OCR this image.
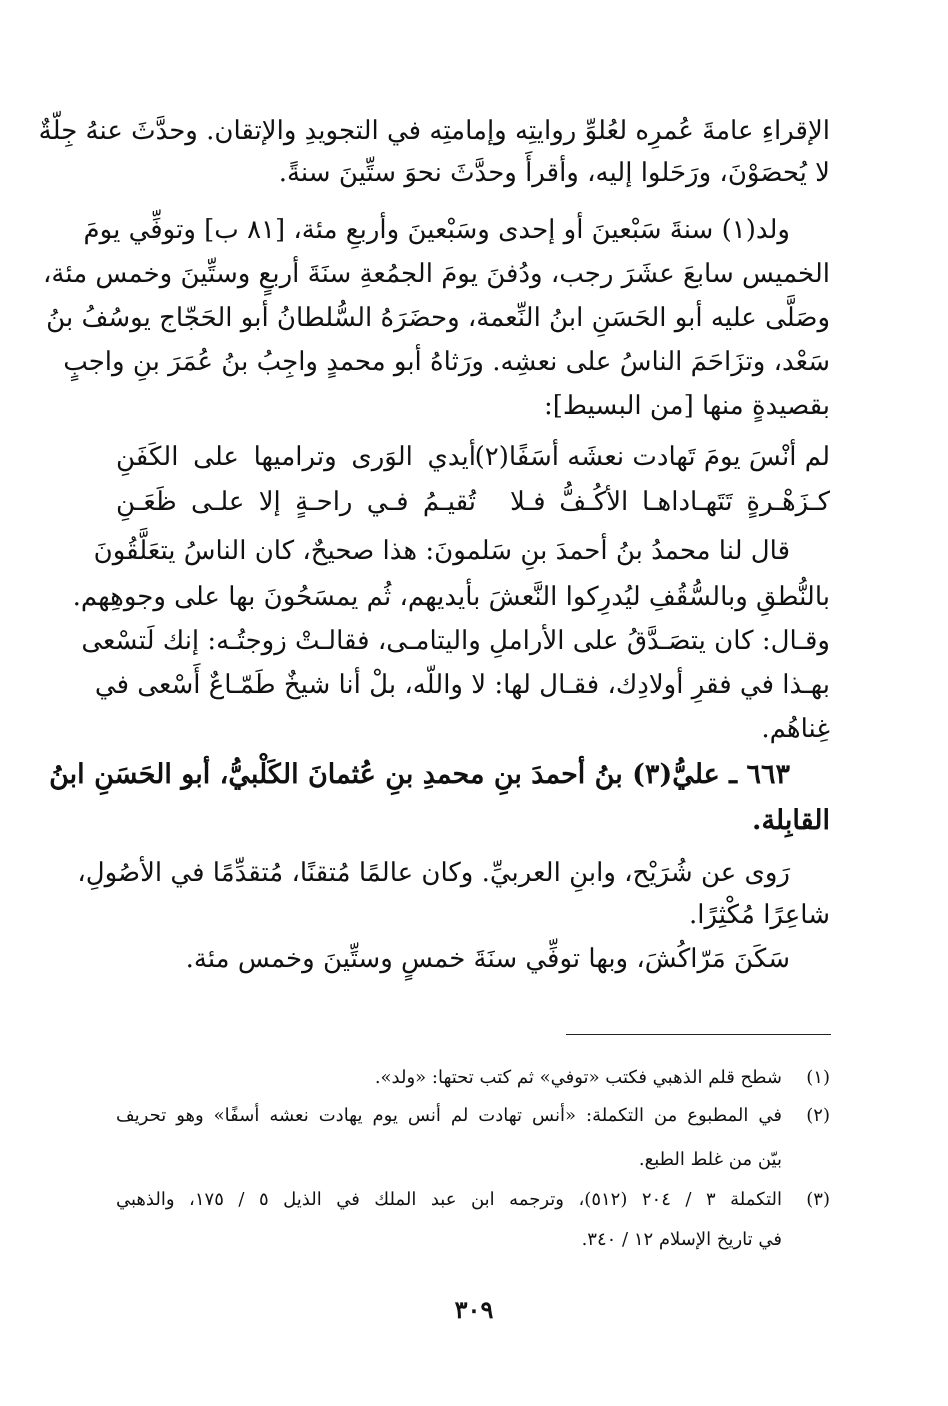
الإقراءِ عامةَ عُمرِه لعُلوِّ روايتِه وإمامتِه في التجويدِ والإتقان. وحدَّثَ عنهُ جِلّةٌ
لا يُحصَوْنَ، ورَحَلوا إليه، وأقرأَ وحدَّثَ نحوَ ستِّينَ سنةً.
ولد(١) سنةَ سَبْعينَ أو إحدى وسَبْعينَ وأربعِ مئة، [٨١ ب] وتوفِّي يومَ
الخميس سابعَ عشَرَ رجب، ودُفنَ يومَ الجمُعةِ سنَةَ أربعٍ وستِّينَ وخمس مئة،
وصَلَّى عليه أبو الحَسَنِ ابنُ النِّعمة، وحضَرَهُ السُّلطانُ أبو الحَجّاج يوسُفُ بنُ
سَعْد، وتزَاحَمَ الناسُ على نعشِه. ورَثاهُ أبو محمدٍ واجِبُ بنُ عُمَرَ بنِ واجبٍ
بقصيدةٍ منها [من البسيط]:
لم أنْسَ يومَ تَهادت نعشَه أسَفًا(٢)
أيدي الوَرى وتراميها على الكَفَنِ
كـزَهْـرةٍ تَتَهـاداهـا الأكُـفُّ فـلا
تُقيـمُ فـي راحـةٍ إلا علـى ظَعَـنِ
قال لنا محمدُ بنُ أحمدَ بنِ سَلمونَ: هذا صحيحٌ، كان الناسُ يتعَلَّقُونَ
بالنُّطقِ وبالسُّقُفِ ليُدرِكوا النَّعشَ بأيديهم، ثُم يمسَحُونَ بها على وجوهِهم.
وقـال: كان يتصَـدَّقُ على الأراملِ واليتامـى، فقالـتْ زوجتُـه: إنك لَتسْعى
بهـذا في فقرِ أولادِك، فقـال لها: لا واللّه، بلْ أنا شيخٌ طَمّـاعٌ أَسْعى في
غِناهُم.
٦٦٣ ـ عليُّ(٣) بنُ أحمدَ بنِ محمدِ بنِ عُثمانَ الكَلْبيُّ، أبو الحَسَنِ ابنُ
القابِلة.
رَوى عن شُرَيْح، وابنِ العربيِّ. وكان عالمًا مُتقنًا، مُتقدِّمًا في الأصُولِ،
شاعِرًا مُكْثِرًا.
سَكَنَ مَرّاكُشَ، وبها توفِّي سنَةَ خمسٍ وستِّينَ وخمس مئة.
(١)
شطح قلم الذهبي فكتب «توفي» ثم كتب تحتها: «ولد».
(٢)
في المطبوع من التكملة: «أنس تهادت لم أنس يوم يهادت نعشه أسفًا» وهو تحريف
بيّن من غلط الطبع.
(٣)
التكملة ٣ / ٢٠٤ (٥١٢)، وترجمه ابن عبد الملك في الذيل ٥ / ١٧٥، والذهبي
في تاريخ الإسلام ١٢ / ٣٤٠.
٣٠٩
